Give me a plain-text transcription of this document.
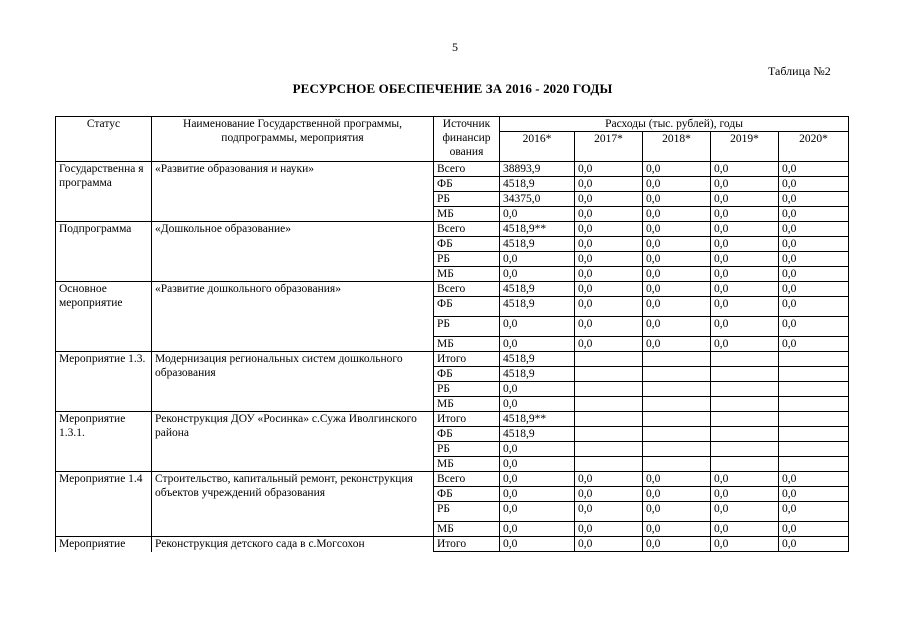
5
Таблица №2
РЕСУРСНОЕ ОБЕСПЕЧЕНИЕ ЗА 2016 - 2020 ГОДЫ
Статус	Наименование Государственной программы, подпрограммы, мероприятия	Источник финансир ования	Расходы (тыс. рублей), годы				
			2016*	2017*	2018*	2019*	2020*
Государственна я программа	«Развитие образования и науки»	Всего	38893,9	0,0	0,0	0,0	0,0
		ФБ	4518,9	0,0	0,0	0,0	0,0
		РБ	34375,0	0,0	0,0	0,0	0,0
		МБ	0,0	0,0	0,0	0,0	0,0
Подпрограмма	«Дошкольное образование»	Всего	4518,9**	0,0	0,0	0,0	0,0
		ФБ	4518,9	0,0	0,0	0,0	0,0
		РБ	0,0	0,0	0,0	0,0	0,0
		МБ	0,0	0,0	0,0	0,0	0,0
Основное мероприятие	«Развитие дошкольного образования»	Всего	4518,9	0,0	0,0	0,0	0,0
		ФБ	4518,9	0,0	0,0	0,0	0,0
		РБ	0,0	0,0	0,0	0,0	0,0
		МБ	0,0	0,0	0,0	0,0	0,0
Мероприятие 1.3.	Модернизация региональных систем дошкольного образования	Итого	4518,9				
		ФБ	4518,9				
		РБ	0,0				
		МБ	0,0				
Мероприятие 1.3.1.	Реконструкция ДОУ «Росинка» с.Сужа Иволгинского района	Итого	4518,9**				
		ФБ	4518,9				
		РБ	0,0				
		МБ	0,0				
Мероприятие 1.4	Строительство, капитальный ремонт, реконструкция объектов учреждений образования	Всего	0,0	0,0	0,0	0,0	0,0
		ФБ	0,0	0,0	0,0	0,0	0,0
		РБ	0,0	0,0	0,0	0,0	0,0
		МБ	0,0	0,0	0,0	0,0	0,0
Мероприятие	Реконструкция детского сада в с.Могсохон	Итого	0,0	0,0	0,0	0,0	0,0
